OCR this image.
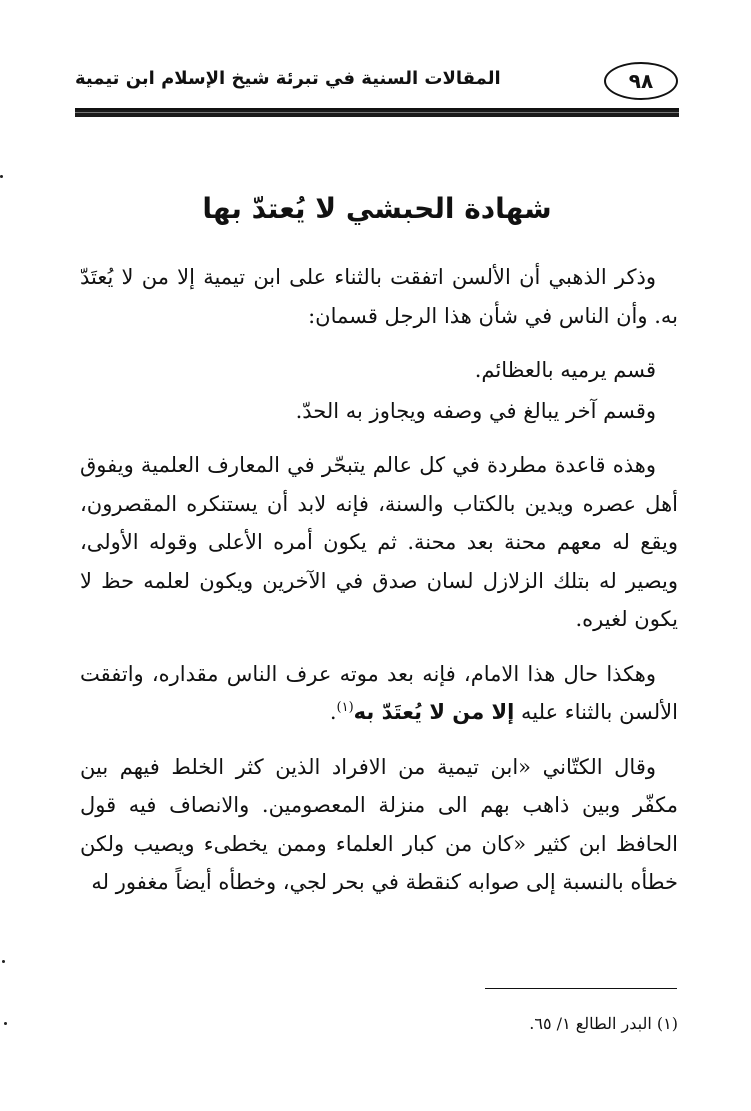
٩٨
المقالات السنية في تبرئة شيخ الإسلام ابن تيمية
شهادة الحبشي لا يُعتدّ بها

وذكر الذهبي أن الألسن اتفقت بالثناء على ابن تيمية إلا من لا يُعتَدّ به. وأن الناس في شأن هذا الرجل قسمان:

قسم يرميه بالعظائم.

وقسم آخر يبالغ في وصفه ويجاوز به الحدّ.

وهذه قاعدة مطردة في كل عالم يتبحّر في المعارف العلمية ويفوق أهل عصره ويدين بالكتاب والسنة، فإنه لابد أن يستنكره المقصرون، ويقع له معهم محنة بعد محنة. ثم يكون أمره الأعلى وقوله الأولى، ويصير له بتلك الزلازل لسان صدق في الآخرين ويكون لعلمه حظ لا يكون لغيره.

وهكذا حال هذا الامام، فإنه بعد موته عرف الناس مقداره، واتفقت الألسن بالثناء عليه إلا من لا يُعتَدّ به$^{(١)}$.

وقال الكتّاني «ابن تيمية من الافراد الذين كثر الخلط فيهم بين مكفّر وبين ذاهب بهم الى منزلة المعصومين. والانصاف فيه قول الحافظ ابن كثير «كان من كبار العلماء وممن يخطىء ويصيب ولكن خطأه بالنسبة إلى صوابه كنقطة في بحر لجي، وخطأه أيضاً مغفور له

(١) البدر الطالع ١/ ٦٥.
